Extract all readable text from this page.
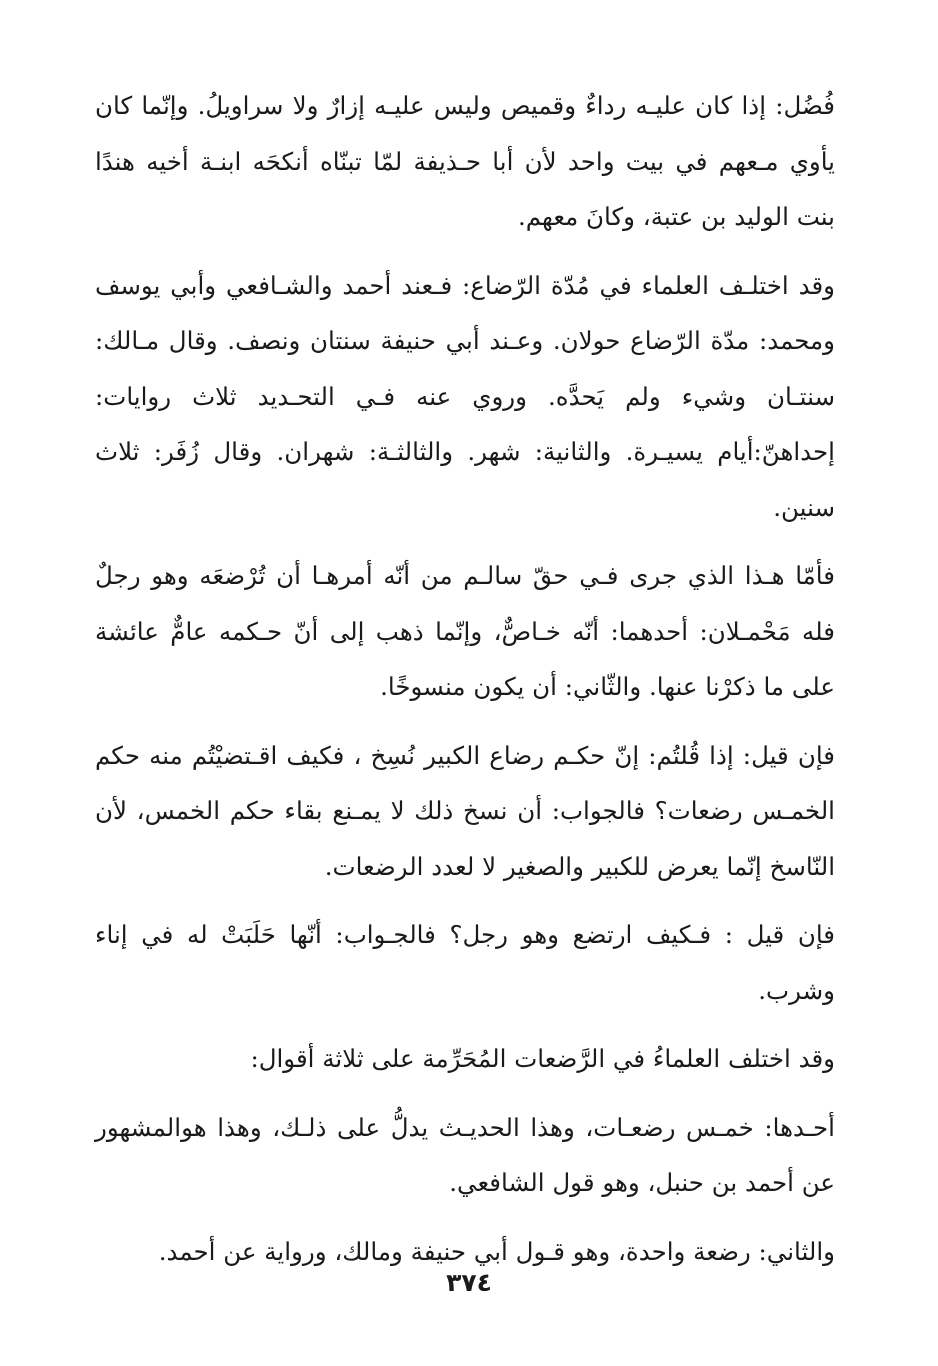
فُضُل: إذا كان عليـه رداءٌ وقميص وليس عليـه إزارٌ ولا سراويلُ. وإنّما كان يأوي مـعهم في بيت واحد لأن أبا حـذيفة لمّا تبنّاه أنكحَه ابنـة أخيه هندًا بنت الوليد بن عتبة، وكانَ معهم.

وقد اختلـف العلماء في مُدّة الرّضاع: فـعند أحمد والشـافعي وأبي يوسف ومحمد: مدّة الرّضاع حولان. وعـند أبي حنيفة سنتان ونصف. وقال مـالك: سنتـان وشيء ولم يَحدَّه. وروي عنه فـي التحـديد ثلاث روايات: إحداهنّ:أيام يسيـرة. والثانية: شهر. والثالثـة: شهران. وقال زُفَر: ثلاث سنين.

فأمّا هـذا الذي جرى فـي حقّ سالـم من أنّه أمرهـا أن تُرْضعَه وهو رجلٌ فله مَحْمـلان: أحدهما: أنّه خـاصٌّ، وإنّما ذهب إلى أنّ حـكمه عامٌّ عائشة على ما ذكرْنا عنها. والثّاني: أن يكون منسوخًا.

فإن قيل: إذا قُلتُم: إنّ حكـم رضاع الكبير نُسِخ ، فكيف اقـتضيْتُم منه حكم الخمـس رضعات؟ فالجواب: أن نسخ ذلك لا يمـنع بقاء حكم الخمس، لأن النّاسخ إنّما يعرض للكبير والصغير لا لعدد الرضعات.

فإن قيل : فـكيف ارتضع وهو رجل؟ فالجـواب: أنّها حَلَبَتْ له في إناء وشرب.

وقد اختلف العلماءُ في الرَّضعات المُحَرِّمة على ثلاثة أقوال:

أحـدها: خمـس رضعـات، وهذا الحديـث يدلُّ على ذلـك، وهذا هوالمشهور عن أحمد بن حنبل، وهو قول الشافعي.

والثاني: رضعة واحدة، وهو قـول أبي حنيفة ومالك، ورواية عن أحمد.

٣٧٤
